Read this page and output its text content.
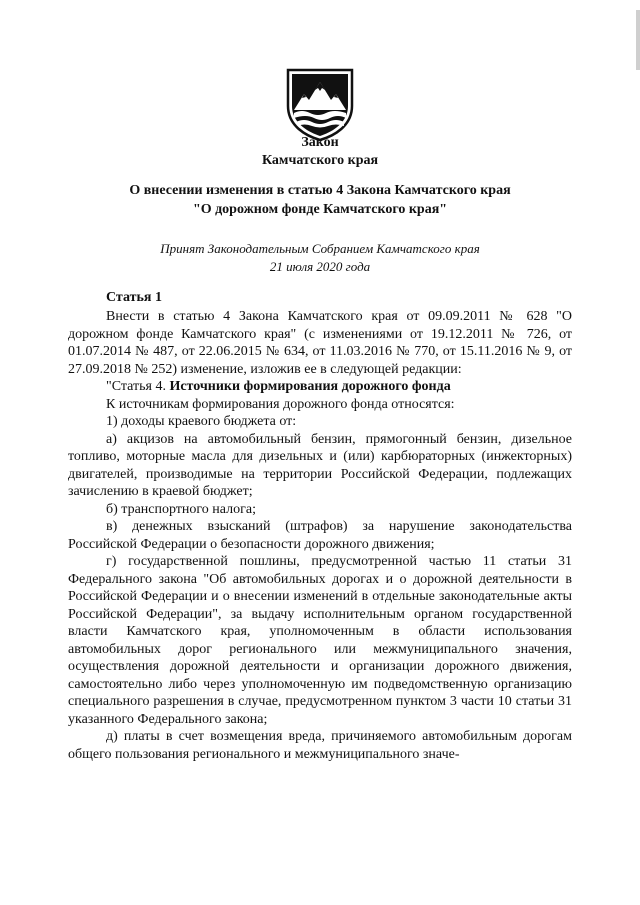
Закон
Камчатского края
О внесении изменения в статью 4 Закона Камчатского края
"О дорожном фонде Камчатского края"
Принят Законодательным Собранием Камчатского края
21 июля 2020 года

Статья 1

Внести в статью 4 Закона Камчатского края от 09.09.2011 № 628 "О дорожном фонде Камчатского края" (с изменениями от 19.12.2011 № 726, от 01.07.2014 № 487, от 22.06.2015 № 634, от 11.03.2016 № 770, от 15.11.2016 № 9, от 27.09.2018 № 252) изменение, изложив ее в следующей редакции:

"Статья 4. Источники формирования дорожного фонда

К источникам формирования дорожного фонда относятся:

1) доходы краевого бюджета от:

а) акцизов на автомобильный бензин, прямогонный бензин, дизельное топливо, моторные масла для дизельных и (или) карбюраторных (инжекторных) двигателей, производимые на территории Российской Федерации, подлежащих зачислению в краевой бюджет;

б) транспортного налога;

в) денежных взысканий (штрафов) за нарушение законодательства Российской Федерации о безопасности дорожного движения;

г) государственной пошлины, предусмотренной частью 11 статьи 31 Федерального закона "Об автомобильных дорогах и о дорожной деятельности в Российской Федерации и о внесении изменений в отдельные законодательные акты Российской Федерации", за выдачу исполнительным органом государственной власти Камчатского края, уполномоченным в области использования автомобильных дорог регионального или межмуниципального значения, осуществления дорожной деятельности и организации дорожного движения, самостоятельно либо через уполномоченную им подведомственную организацию специального разрешения в случае, предусмотренном пунктом 3 части 10 статьи 31 указанного Федерального закона;

д) платы в счет возмещения вреда, причиняемого автомобильным дорогам общего пользования регионального и межмуниципального значе-
